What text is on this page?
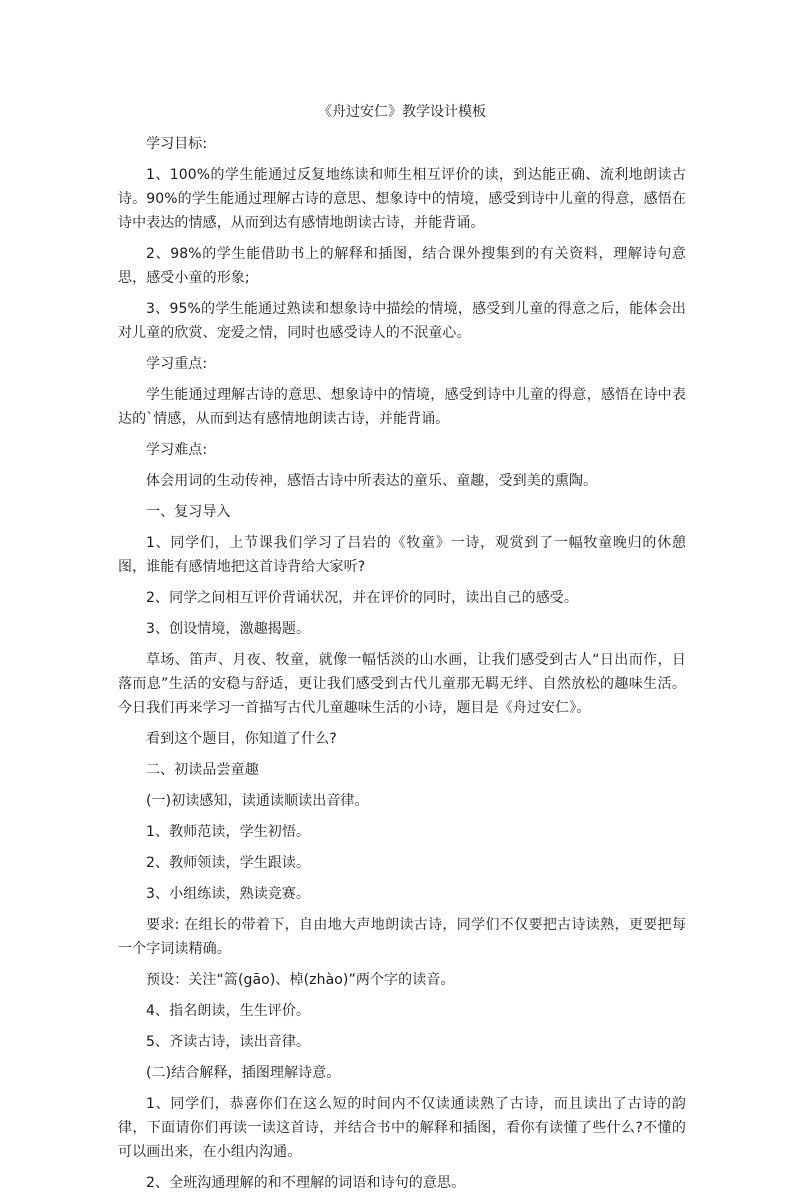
《舟过安仁》教学设计模板

学习目标:

1、100%的学生能通过反复地练读和师生相互评价的读，到达能正确、流利地朗读古诗。90%的学生能通过理解古诗的意思、想象诗中的情境，感受到诗中儿童的得意，感悟在诗中表达的情感，从而到达有感情地朗读古诗，并能背诵。

2、98%的学生能借助书上的解释和插图，结合课外搜集到的有关资料，理解诗句意思，感受小童的形象;

3、95%的学生能通过熟读和想象诗中描绘的情境，感受到儿童的得意之后，能体会出对儿童的欣赏、宠爱之情，同时也感受诗人的不泯童心。

学习重点:

学生能通过理解古诗的意思、想象诗中的情境，感受到诗中儿童的得意，感悟在诗中表达的`情感，从而到达有感情地朗读古诗，并能背诵。

学习难点:

体会用词的生动传神，感悟古诗中所表达的童乐、童趣，受到美的熏陶。

一、复习导入

1、同学们，上节课我们学习了吕岩的《牧童》一诗，观赏到了一幅牧童晚归的休憩图，谁能有感情地把这首诗背给大家听?

2、同学之间相互评价背诵状况，并在评价的同时，读出自己的感受。

3、创设情境，激趣揭题。

草场、笛声、月夜、牧童，就像一幅恬淡的山水画，让我们感受到古人“日出而作，日落而息”生活的安稳与舒适，更让我们感受到古代儿童那无羁无绊、自然放松的趣味生活。今日我们再来学习一首描写古代儿童趣味生活的小诗，题目是《舟过安仁》。

看到这个题目，你知道了什么?

二、初读品尝童趣

(一)初读感知，读通读顺读出音律。

1、教师范读，学生初悟。

2、教师领读，学生跟读。

3、小组练读，熟读竞赛。

要求: 在组长的带着下，自由地大声地朗读古诗，同学们不仅要把古诗读熟，更要把每一个字词读精确。

预设：关注“篙(gāo)、棹(zhào)”两个字的读音。

4、指名朗读，生生评价。

5、齐读古诗，读出音律。

(二)结合解释，插图理解诗意。

1、同学们，恭喜你们在这么短的时间内不仅读通读熟了古诗，而且读出了古诗的韵律，下面请你们再读一读这首诗，并结合书中的解释和插图，看你有读懂了些什么?不懂的可以画出来，在小组内沟通。

2、全班沟通理解的和不理解的词语和诗句的意思。
